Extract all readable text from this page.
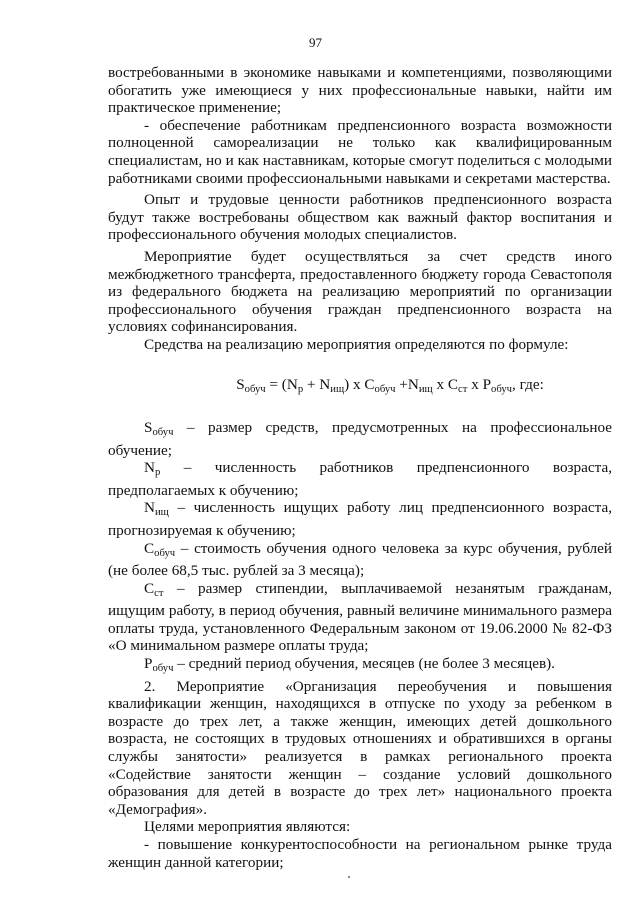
97

востребованными в экономике навыками и компетенциями, позволяющими обогатить уже имеющиеся у них профессиональные навыки, найти им практическое применение;

- обеспечение работникам предпенсионного возраста возможности полноценной самореализации не только как квалифицированным специалистам, но и как наставникам, которые смогут поделиться с молодыми работниками своими профессиональными навыками и секретами мастерства.

Опыт и трудовые ценности работников предпенсионного возраста будут также востребованы обществом как важный фактор воспитания и профессионального обучения молодых специалистов.

Мероприятие будет осуществляться за счет средств иного межбюджетного трансферта, предоставленного бюджету города Севастополя из федерального бюджета на реализацию мероприятий по организации профессионального обучения граждан предпенсионного возраста на условиях софинансирования.

Средства на реализацию мероприятия определяются по формуле:

$S_{обуч} = (N_р + N_{ищ})$ x $C_{обуч} +N_{ищ}$ x $C_{ст}$ x $P_{обуч}$, где:

$S_{обуч}$ – размер средств, предусмотренных на профессиональное обучение;

$N_р$ – численность работников предпенсионного возраста, предполагаемых к обучению;

$N_{ищ}$ – численность ищущих работу лиц предпенсионного возраста, прогнозируемая к обучению;

$C_{обуч}$ – стоимость обучения одного человека за курс обучения, рублей (не более 68,5 тыс. рублей за 3 месяца);

$C_{ст}$ – размер стипендии, выплачиваемой незанятым гражданам, ищущим работу, в период обучения, равный величине минимального размера оплаты труда, установленного Федеральным законом от 19.06.2000 № 82-ФЗ «О минимальном размере оплаты труда;

$P_{обуч}$ – средний период обучения, месяцев (не более 3 месяцев).

2. Мероприятие «Организация переобучения и повышения квалификации женщин, находящихся в отпуске по уходу за ребенком в возрасте до трех лет, а также женщин, имеющих детей дошкольного возраста, не состоящих в трудовых отношениях и обратившихся в органы службы занятости» реализуется в рамках регионального проекта «Содействие занятости женщин – создание условий дошкольного образования для детей в возрасте до трех лет» национального проекта «Демография».

Целями мероприятия являются:

- повышение конкурентоспособности на региональном рынке труда женщин данной категории;
